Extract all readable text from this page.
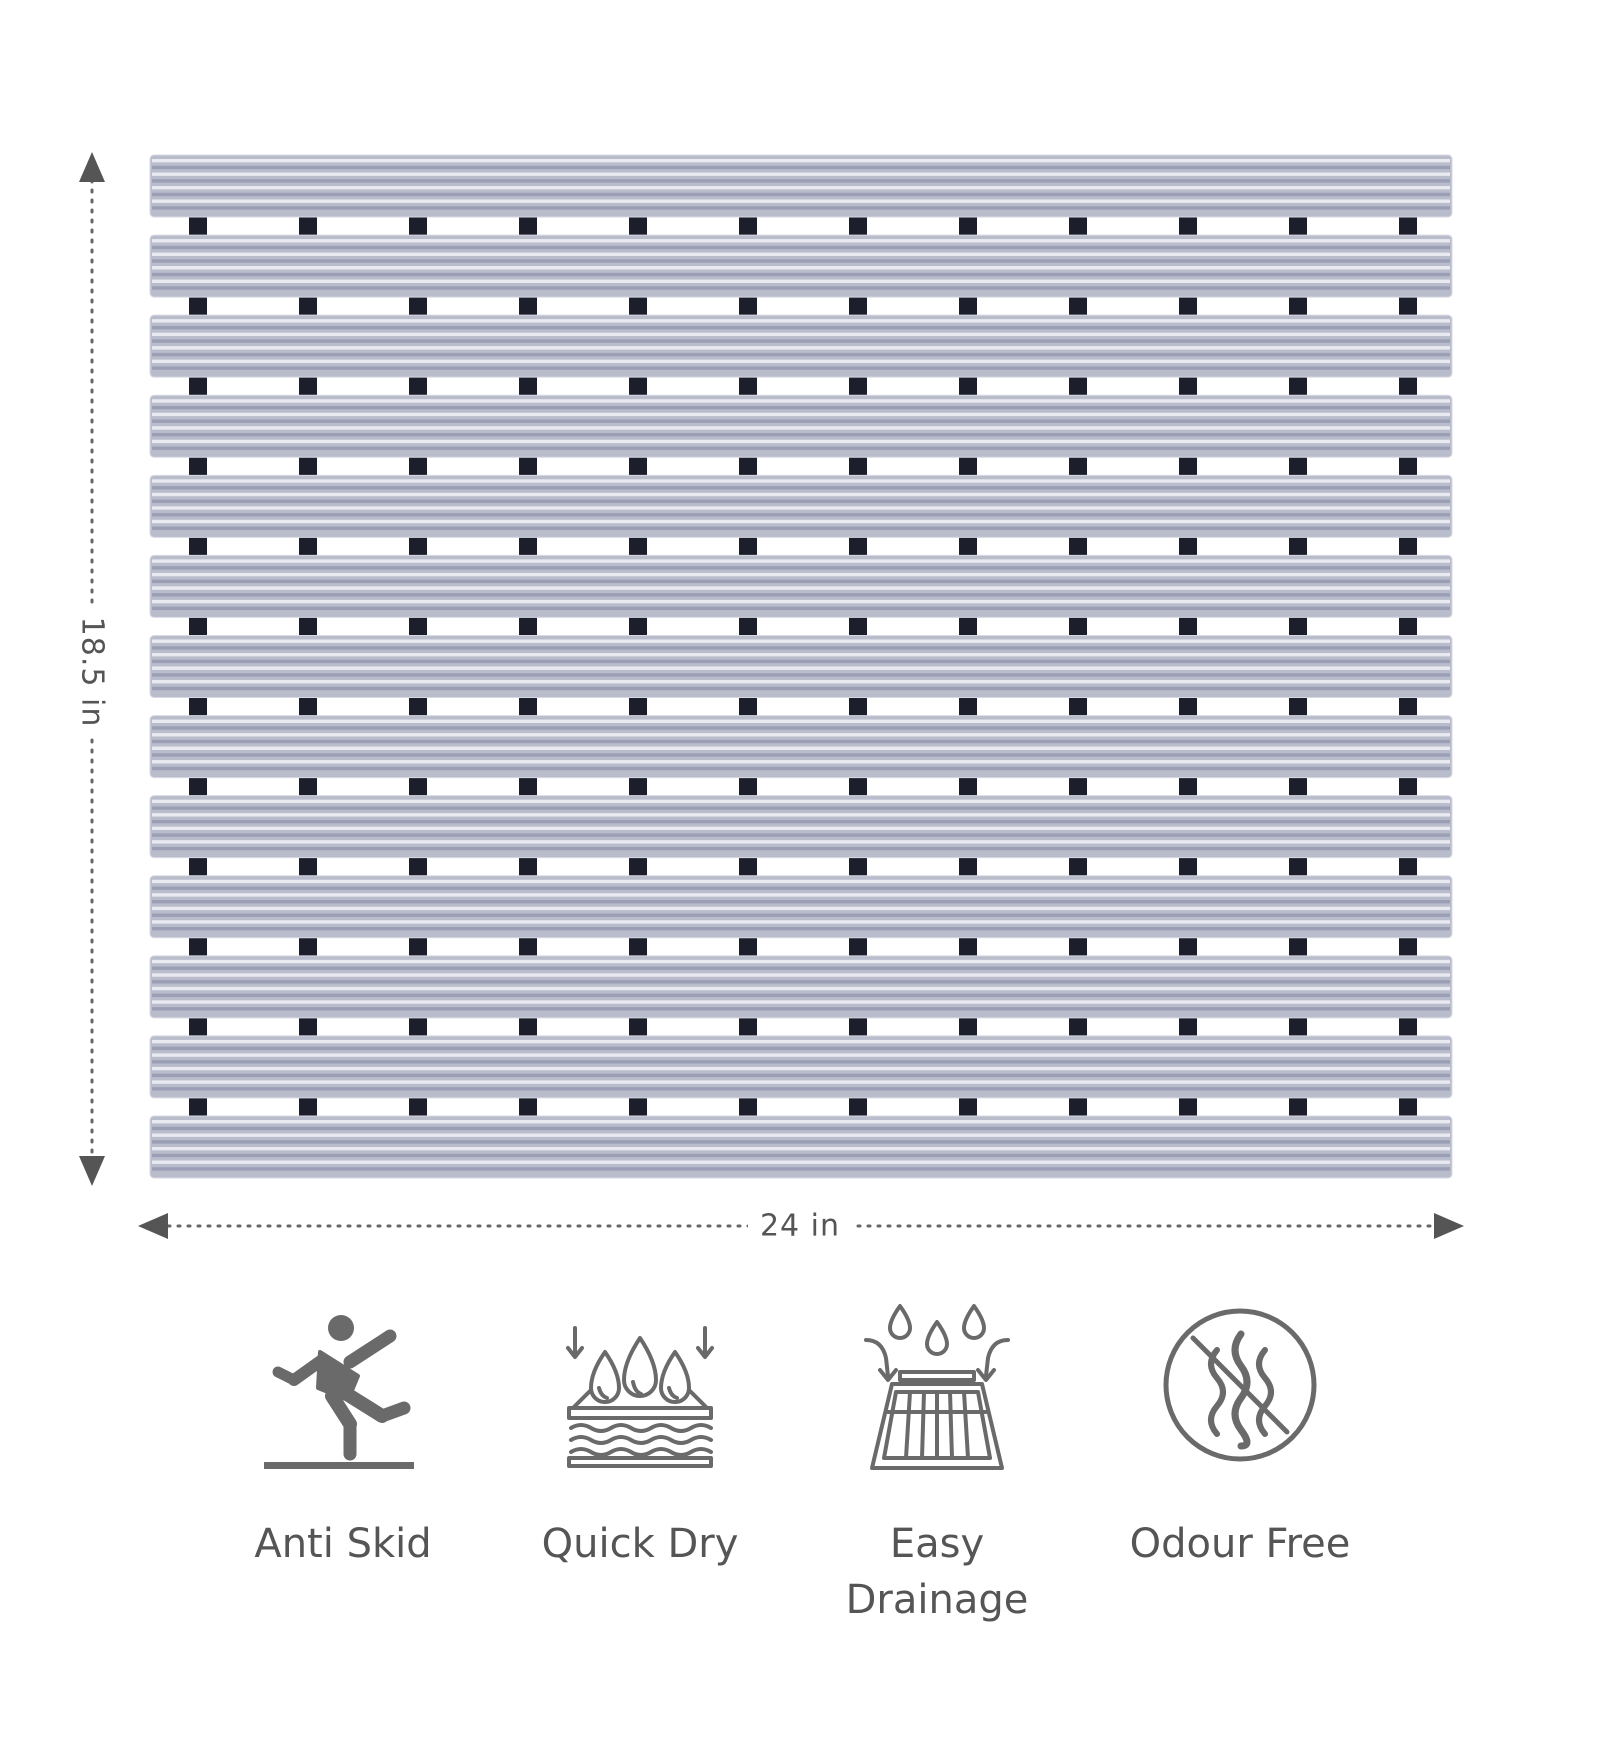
18.5 in
24 in
Anti Skid	Quick Dry	Easy Drainage
Odour Free
